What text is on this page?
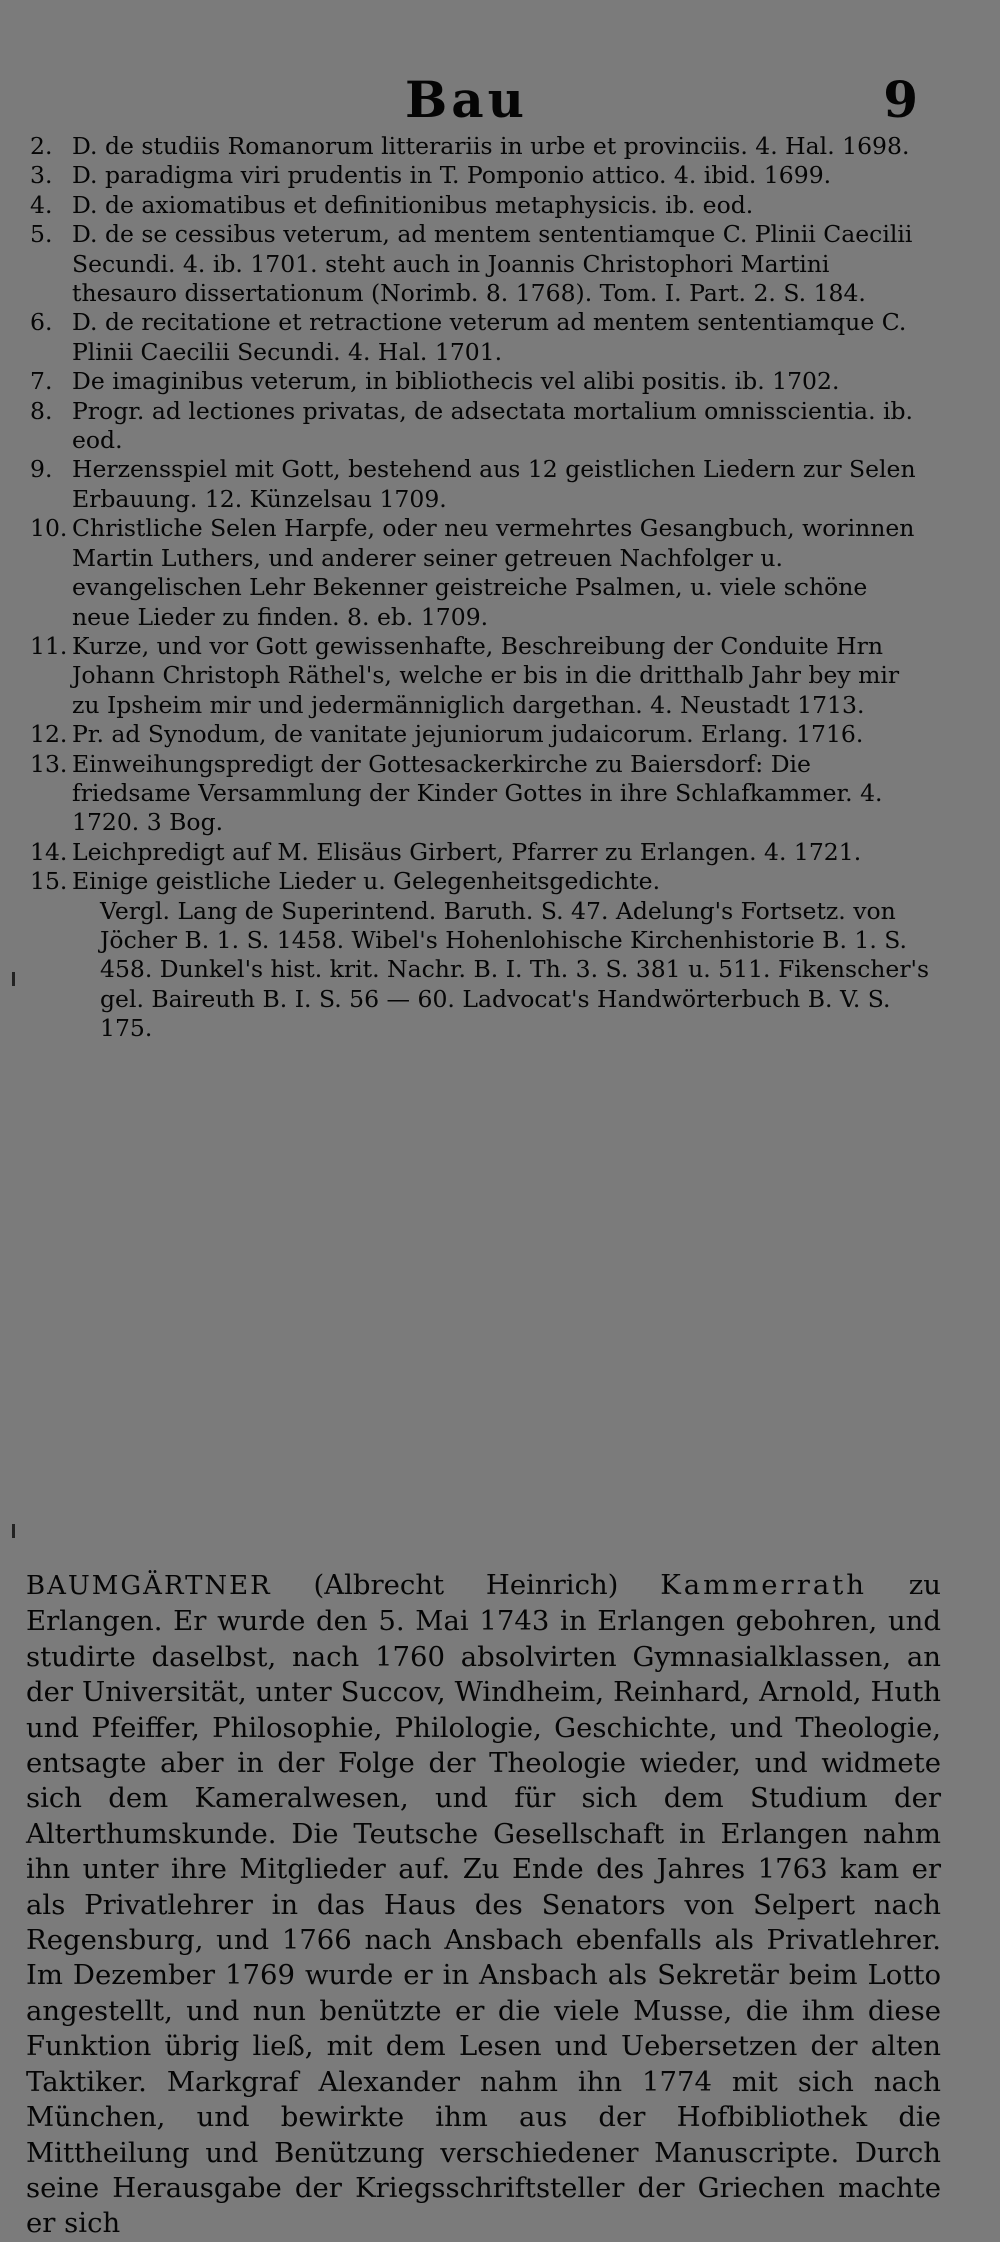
Bau	9
2. D. de studiis Romanorum litterariis in urbe et provinciis. 4. Hal. 1698.
3. D. paradigma viri prudentis in T. Pomponio attico. 4. ibid. 1699.
4. D. de axiomatibus et definitionibus metaphysicis. ib. eod.
5. D. de se cessibus veterum, ad mentem sententiamque C. Plinii Caecilii Secundi. 4. ib. 1701. steht auch in Joannis Christophori Martini thesauro dissertationum (Norimb. 8. 1768). Tom. I. Part. 2. S. 184.
6. D. de recitatione et retractione veterum ad mentem sententiamque C. Plinii Caecilii Secundi. 4. Hal. 1701.
7. De imaginibus veterum, in bibliothecis vel alibi positis. ib. 1702.
8. Progr. ad lectiones privatas, de adsectata mortalium omnisscientia. ib. eod.
9. Herzensspiel mit Gott, bestehend aus 12 geistlichen Liedern zur Selen Erbauung. 12. Künzelsau 1709.
10. Christliche Selen Harpfe, oder neu vermehrtes Gesangbuch, worinnen Martin Luthers, und anderer seiner getreuen Nachfolger u. evangelischen Lehr Bekenner geistreiche Psalmen, u. viele schöne neue Lieder zu finden. 8. eb. 1709.
11. Kurze, und vor Gott gewissenhafte, Beschreibung der Conduite Hrn Johann Christoph Räthel's, welche er bis in die dritthalb Jahr bey mir zu Ipsheim mir und jedermänniglich dargethan. 4. Neustadt 1713.
12. Pr. ad Synodum, de vanitate jejuniorum judaicorum. Erlang. 1716.
13. Einweihungspredigt der Gottesackerkirche zu Baiersdorf: Die friedsame Versammlung der Kinder Gottes in ihre Schlafkammer. 4. 1720. 3 Bog.
14. Leichpredigt auf M. Elisäus Girbert, Pfarrer zu Erlangen. 4. 1721.
15. Einige geistliche Lieder u. Gelegenheitsgedichte.
Vergl. Lang de Superintend. Baruth. S. 47. Adelung's Fortsetz. von Jöcher B. 1. S. 1458. Wibel's Hohenlohische Kirchenhistorie B. 1. S. 458. Dunkel's hist. krit. Nachr. B. I. Th. 3. S. 381 u. 511. Fikenscher's gel. Baireuth B. I. S. 56 — 60. Ladvocat's Handwörterbuch B. V. S. 175.
BAUMGÄRTNER (Albrecht Heinrich) Kammerrath zu Erlangen. Er wurde den 5. Mai 1743 in Erlangen gebohren, und studirte daselbst, nach 1760 absolvirten Gymnasialklassen, an der Universität, unter Succov, Windheim, Reinhard, Arnold, Huth und Pfeiffer, Philosophie, Philologie, Geschichte, und Theologie, entsagte aber in der Folge der Theologie wieder, und widmete sich dem Kameralwesen, und für sich dem Studium der Alterthumskunde. Die Teutsche Gesellschaft in Erlangen nahm ihn unter ihre Mitglieder auf. Zu Ende des Jahres 1763 kam er als Privatlehrer in das Haus des Senators von Selpert nach Regensburg, und 1766 nach Ansbach ebenfalls als Privatlehrer. Im Dezember 1769 wurde er in Ansbach als Sekretär beim Lotto angestellt, und nun benützte er die viele Musse, die ihm diese Funktion übrig ließ, mit dem Lesen und Uebersetzen der alten Taktiker. Markgraf Alexander nahm ihn 1774 mit sich nach München, und bewirkte ihm aus der Hofbibliothek die Mittheilung und Benützung verschiedener Manuscripte. Durch seine Herausgabe der Kriegsschriftsteller der Griechen machte er sich
